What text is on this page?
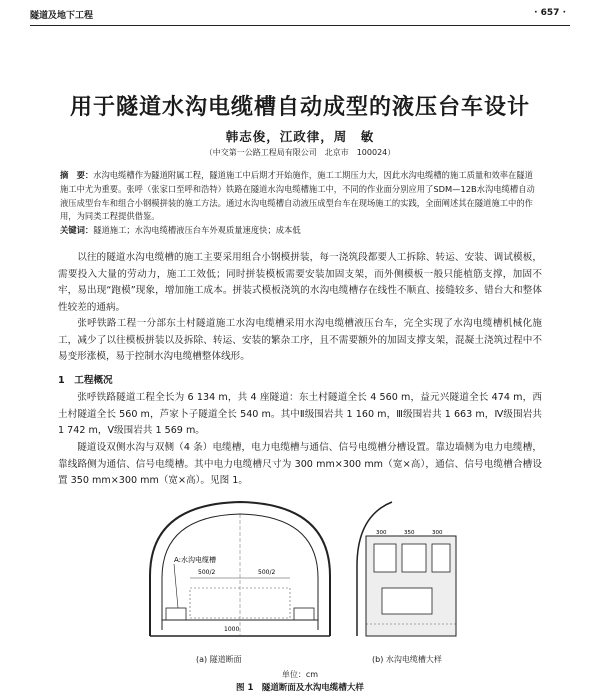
隧道及地下工程	· 657 ·
用于隧道水沟电缆槽自动成型的液压台车设计
韩志俊，江政律，周　敏
（中交第一公路工程局有限公司　北京市　100024）
摘　要：水沟电缆槽作为隧道附属工程，隧道施工中后期才开始施作，施工工期压力大，因此水沟电缆槽的施工质量和效率在隧道施工中尤为重要。张呼（张家口至呼和浩特）铁路在隧道水沟电缆槽施工中，不同的作业面分别应用了SDM—12B水沟电缆槽自动液压成型台车和组合小钢模拼装的施工方法。通过水沟电缆槽自动液压成型台车在现场施工的实践，全面阐述其在隧道施工中的作用，为同类工程提供借鉴。
关键词：隧道施工；水沟电缆槽液压台车外观质量速度快；成本低
以往的隧道水沟电缆槽的施工主要采用组合小钢模拼装，每一浇筑段都要人工拆除、转运、安装、调试模板，需要投入大量的劳动力，施工工效低；同时拼装模板需要安装加固支架，而外侧模板一般只能植筋支撑，加固不牢，易出现“跑模”现象，增加施工成本。拼装式模板浇筑的水沟电缆槽存在线性不顺直、接缝较多、错台大和整体性较差的通病。
张呼铁路工程一分部东土村隧道施工水沟电缆槽采用水沟电缆槽液压台车，完全实现了水沟电缆槽机械化施工，减少了以往模板拼装以及拆除、转运、安装的繁杂工序，且不需要额外的加固支撑支架，混凝土浇筑过程中不易变形涨模，易于控制水沟电缆槽整体线形。
1　工程概况
张呼铁路隧道工程全长为 6 134 m，共 4 座隧道：东土村隧道全长 4 560 m，益元兴隧道全长 474 m，西土村隧道全长 560 m，芦家卜子隧道全长 540 m。其中Ⅱ级围岩共 1 160 m，Ⅲ级围岩共 1 663 m，Ⅳ级围岩共 1 742 m，Ⅴ级围岩共 1 569 m。
隧道设双侧水沟与双侧（4 条）电缆槽，电力电缆槽与通信、信号电缆槽分槽设置。靠边墙侧为电力电缆槽，靠线路侧为通信、信号电缆槽。其中电力电缆槽尺寸为 300 mm×300 mm（宽×高），通信、信号电缆槽合槽设置 350 mm×300 mm（宽×高）。见图 1。
500/2	500/2
1000
A:水沟电缆槽
(a) 隧道断面
300	350	300
(b) 水沟电缆槽大样
单位：cm
图 1　隧道断面及水沟电缆槽大样
